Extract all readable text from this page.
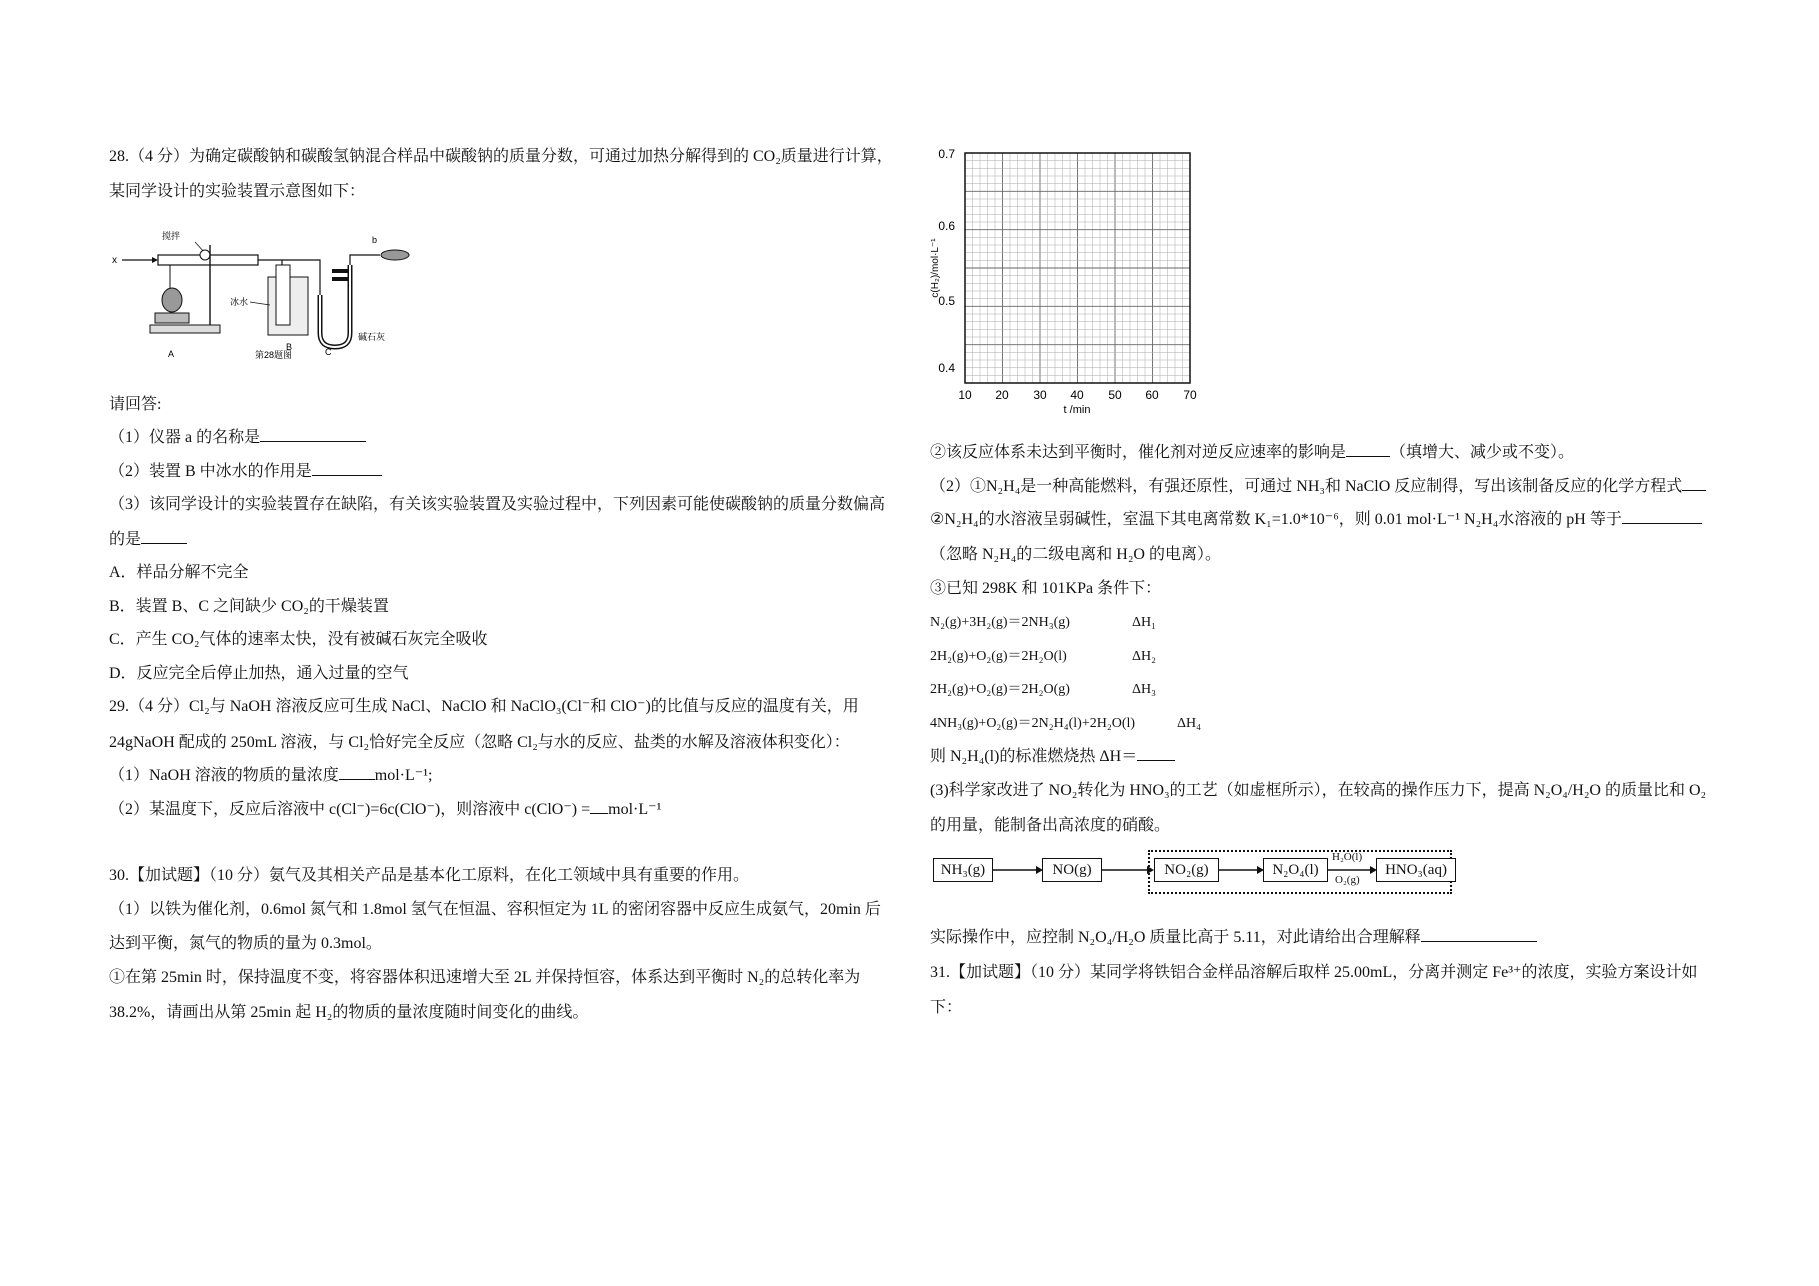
28.（4 分）为确定碳酸钠和碳酸氢钠混合样品中碳酸钠的质量分数，可通过加热分解得到的 CO₂质量进行计算，
某同学设计的实验装置示意图如下：
x
搅拌
A
冰水
B
碱石灰
C
b
第28题图
请回答:
（1）仪器 a 的名称是
（2）装置 B 中冰水的作用是
（3）该同学设计的实验装置存在缺陷，有关该实验装置及实验过程中，下列因素可能使碳酸钠的质量分数偏高
的是
A．样品分解不完全
B．装置 B、C 之间缺少 CO₂的干燥装置
C．产生 CO₂气体的速率太快，没有被碱石灰完全吸收
D．反应完全后停止加热，通入过量的空气
29.（4 分）Cl₂与 NaOH 溶液反应可生成 NaCl、NaClO 和 NaClO₃(Cl⁻和 ClO⁻)的比值与反应的温度有关，用
24gNaOH 配成的 250mL 溶液，与 Cl₂恰好完全反应（忽略 Cl₂与水的反应、盐类的水解及溶液体积变化）：
（1）NaOH 溶液的物质的量浓度 mol·L⁻¹;
（2）某温度下，反应后溶液中 c(Cl⁻)=6c(ClO⁻)，则溶液中 c(ClO⁻) = mol·L⁻¹
30.【加试题】（10 分）氨气及其相关产品是基本化工原料，在化工领域中具有重要的作用。
（1）以铁为催化剂，0.6mol 氮气和 1.8mol 氢气在恒温、容积恒定为 1L 的密闭容器中反应生成氨气，20min 后
达到平衡，氮气的物质的量为 0.3mol。
①在第 25min 时，保持温度不变，将容器体积迅速增大至 2L 并保持恒容，体系达到平衡时 N₂的总转化率为
38.2%，请画出从第 25min 起 H₂的物质的量浓度随时间变化的曲线。
0.7
0.6
0.5
0.4
10 20 30 40 50 60 70
t /min
c(H₂)/mol·L⁻¹
②该反应体系未达到平衡时，催化剂对逆反应速率的影响是	（填增大、减少或不变）。
（2）①N₂H₄是一种高能燃料，有强还原性，可通过 NH₃和 NaClO 反应制得，写出该制备反应的化学方程式
②N₂H₄的水溶液呈弱碱性，室温下其电离常数 K₁=1.0*10⁻⁶，则 0.01 mol·L⁻¹ N₂H₄水溶液的 pH 等于
（忽略 N₂H₄的二级电离和 H₂O 的电离）。
③已知 298K 和 101KPa 条件下：
N₂(g)+3H₂(g)＝2NH₃(g)	ΔH₁
2H₂(g)+O₂(g)＝2H₂O(l)	ΔH₂
2H₂(g)+O₂(g)＝2H₂O(g)	ΔH₃
4NH₃(g)+O₂(g)＝2N₂H₄(l)+2H₂O(l)	ΔH₄
则 N₂H₄(l)的标准燃烧热 ΔH＝
(3)科学家改进了 NO₂转化为 HNO₃的工艺（如虚框所示），在较高的操作压力下，提高 N₂O₄/H₂O 的质量比和 O₂
的用量，能制备出高浓度的硝酸。
NH₃(g)	NO(g)	NO₂(g)	N₂O₄(l)	HNO₃(aq)
H₂O(l)
O₂(g)
实际操作中，应控制 N₂O₄/H₂O 质量比高于 5.11，对此请给出合理解释
31.【加试题】（10 分）某同学将铁铝合金样品溶解后取样 25.00mL，分离并测定 Fe³⁺的浓度，实验方案设计如
下：
